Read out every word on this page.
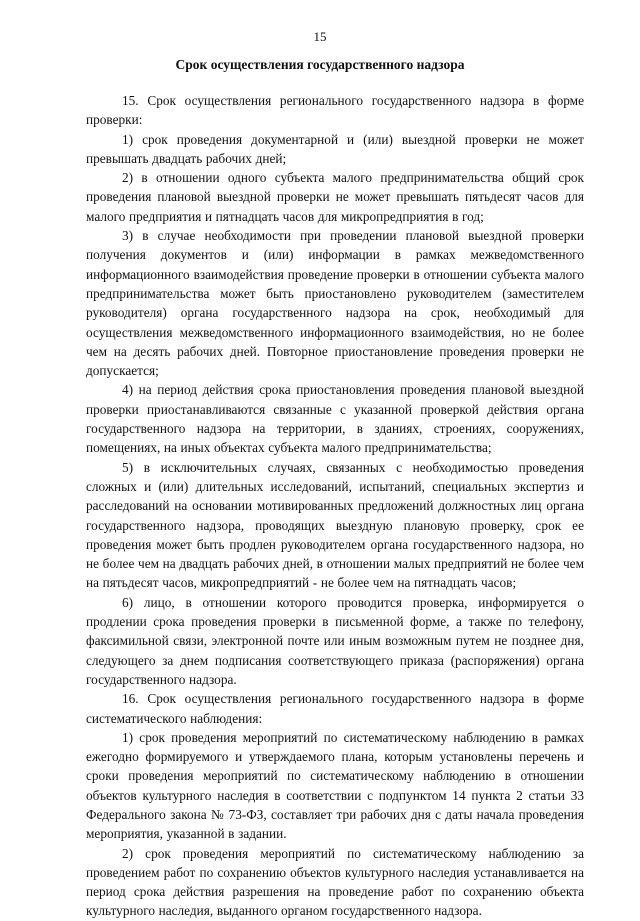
15
Срок осуществления государственного надзора

15. Срок осуществления регионального государственного надзора в форме проверки:

1) срок проведения документарной и (или) выездной проверки не может превышать двадцать рабочих дней;

2) в отношении одного субъекта малого предпринимательства общий срок проведения плановой выездной проверки не может превышать пятьдесят часов для малого предприятия и пятнадцать часов для микропредприятия в год;

3) в случае необходимости при проведении плановой выездной проверки получения документов и (или) информации в рамках межведомственного информационного взаимодействия проведение проверки в отношении субъекта малого предпринимательства может быть приостановлено руководителем (заместителем руководителя) органа государственного надзора на срок, необходимый для осуществления межведомственного информационного взаимодействия, но не более чем на десять рабочих дней. Повторное приостановление проведения проверки не допускается;

4) на период действия срока приостановления проведения плановой выездной проверки приостанавливаются связанные с указанной проверкой действия органа государственного надзора на территории, в зданиях, строениях, сооружениях, помещениях, на иных объектах субъекта малого предпринимательства;

5) в исключительных случаях, связанных с необходимостью проведения сложных и (или) длительных исследований, испытаний, специальных экспертиз и расследований на основании мотивированных предложений должностных лиц органа государственного надзора, проводящих выездную плановую проверку, срок ее проведения может быть продлен руководителем органа государственного надзора, но не более чем на двадцать рабочих дней, в отношении малых предприятий не более чем на пятьдесят часов, микропредприятий - не более чем на пятнадцать часов;

6) лицо, в отношении которого проводится проверка, информируется о продлении срока проведения проверки в письменной форме, а также по телефону, факсимильной связи, электронной почте или иным возможным путем не позднее дня, следующего за днем подписания соответствующего приказа (распоряжения) органа государственного надзора.

16. Срок осуществления регионального государственного надзора в форме систематического наблюдения:

1) срок проведения мероприятий по систематическому наблюдению в рамках ежегодно формируемого и утверждаемого плана, которым установлены перечень и сроки проведения мероприятий по систематическому наблюдению в отношении объектов культурного наследия в соответствии с подпунктом 14 пункта 2 статьи 33 Федерального закона № 73-ФЗ, составляет три рабочих дня с даты начала проведения мероприятия, указанной в задании.

2) срок проведения мероприятий по систематическому наблюдению за проведением работ по сохранению объектов культурного наследия устанавливается на период срока действия разрешения на проведение работ по сохранению объекта культурного наследия, выданного органом государственного надзора.
